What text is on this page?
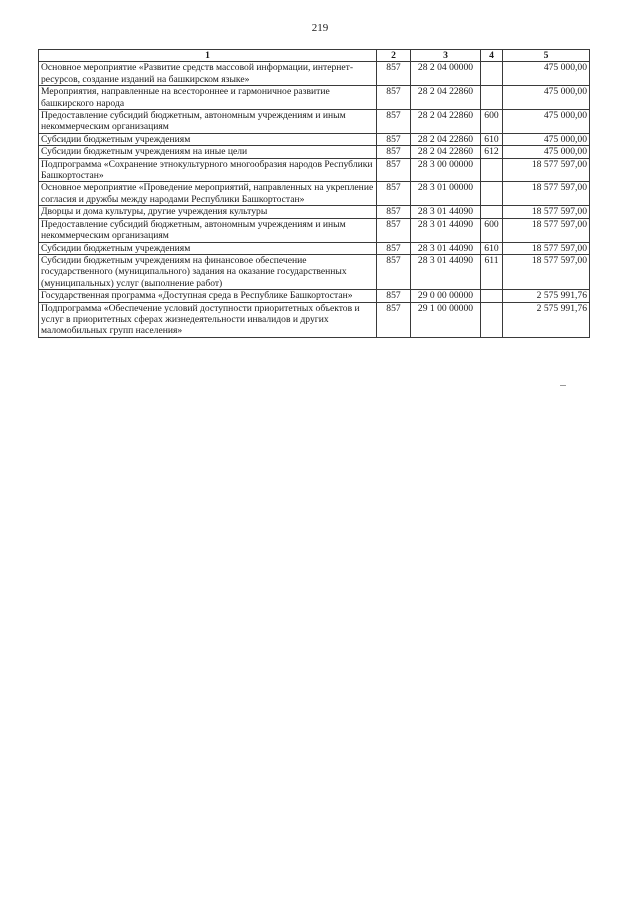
219
1	2	3	4	5
Основное мероприятие «Развитие средств массовой информации, интернет-ресурсов, создание изданий на башкирском языке»	857	28 2 04 00000		475 000,00
Мероприятия, направленные на всестороннее и гармоничное развитие башкирского народа	857	28 2 04 22860		475 000,00
Предоставление субсидий бюджетным, автономным учреждениям и иным некоммерческим организациям	857	28 2 04 22860	600	475 000,00
Субсидии бюджетным учреждениям	857	28 2 04 22860	610	475 000,00
Субсидии бюджетным учреждениям на иные цели	857	28 2 04 22860	612	475 000,00
Подпрограмма «Сохранение этнокультурного многообразия народов Республики Башкортостан»	857	28 3 00 00000		18 577 597,00
Основное мероприятие «Проведение мероприятий, направленных на укрепление согласия и дружбы между народами Республики Башкортостан»	857	28 3 01 00000		18 577 597,00
Дворцы и дома культуры, другие учреждения культуры	857	28 3 01 44090		18 577 597,00
Предоставление субсидий бюджетным, автономным учреждениям и иным некоммерческим организациям	857	28 3 01 44090	600	18 577 597,00
Субсидии бюджетным учреждениям	857	28 3 01 44090	610	18 577 597,00
Субсидии бюджетным учреждениям на финансовое обеспечение государственного (муниципального) задания на оказание государственных (муниципальных) услуг (выполнение работ)	857	28 3 01 44090	611	18 577 597,00
Государственная программа «Доступная среда в Республике Башкортостан»	857	29 0 00 00000		2 575 991,76
Подпрограмма «Обеспечение условий доступности приоритетных объектов и услуг в приоритетных сферах жизнедеятельности инвалидов и других маломобильных групп населения»	857	29 1 00 00000		2 575 991,76
